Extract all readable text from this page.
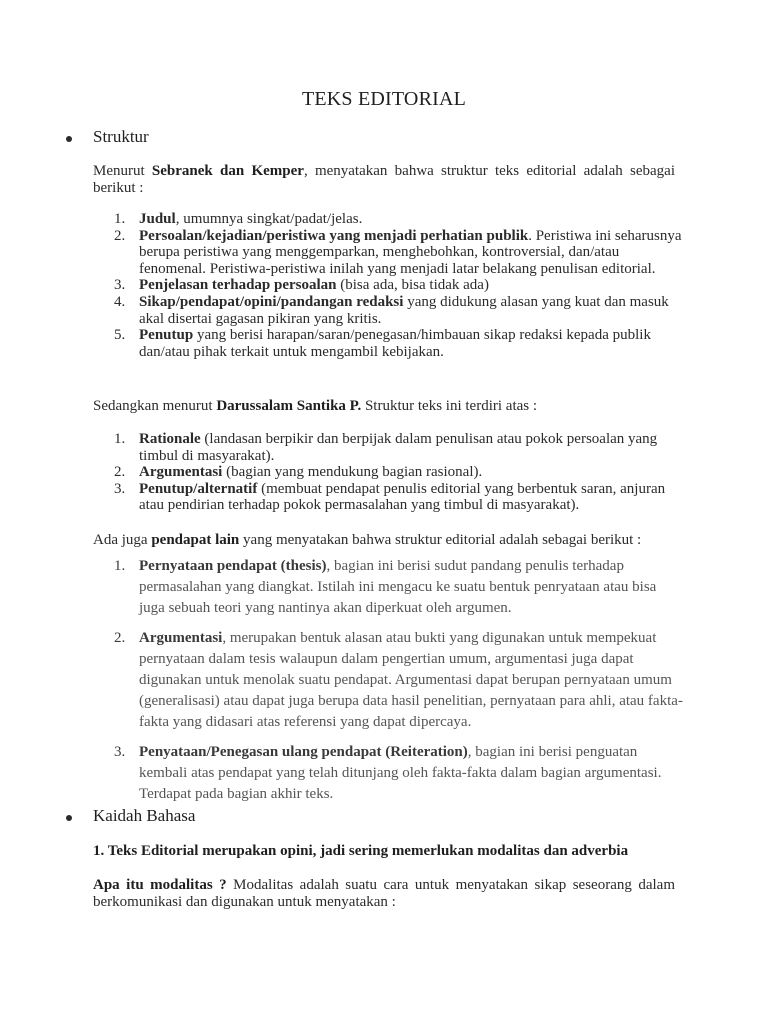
TEKS EDITORIAL
Struktur
Menurut Sebranek dan Kemper, menyatakan bahwa struktur teks editorial adalah sebagai berikut :
1. Judul, umumnya singkat/padat/jelas.
2. Persoalan/kejadian/peristiwa yang menjadi perhatian publik. Peristiwa ini seharusnya berupa peristiwa yang menggemparkan, menghebohkan, kontroversial, dan/atau fenomenal. Peristiwa-peristiwa inilah yang menjadi latar belakang penulisan editorial.
3. Penjelasan terhadap persoalan (bisa ada, bisa tidak ada)
4. Sikap/pendapat/opini/pandangan redaksi yang didukung alasan yang kuat dan masuk akal disertai gagasan pikiran yang kritis.
5. Penutup yang berisi harapan/saran/penegasan/himbauan sikap redaksi kepada publik dan/atau pihak terkait untuk mengambil kebijakan.
Sedangkan menurut Darussalam Santika P. Struktur teks ini terdiri atas :
1. Rationale (landasan berpikir dan berpijak dalam penulisan atau pokok persoalan yang timbul di masyarakat).
2. Argumentasi (bagian yang mendukung bagian rasional).
3. Penutup/alternatif (membuat pendapat penulis editorial yang berbentuk saran, anjuran atau pendirian terhadap pokok permasalahan yang timbul di masyarakat).
Ada juga pendapat lain yang menyatakan bahwa struktur editorial adalah sebagai berikut :
1. Pernyataan pendapat (thesis), bagian ini berisi sudut pandang penulis terhadap permasalahan yang diangkat. Istilah ini mengacu ke suatu bentuk penryataan atau bisa juga sebuah teori yang nantinya akan diperkuat oleh argumen.
2. Argumentasi, merupakan bentuk alasan atau bukti yang digunakan untuk mempekuat pernyataan dalam tesis walaupun dalam pengertian umum, argumentasi juga dapat digunakan untuk menolak suatu pendapat. Argumentasi dapat berupan pernyataan umum (generalisasi) atau dapat juga berupa data hasil penelitian, pernyataan para ahli, atau fakta-fakta yang didasari atas referensi yang dapat dipercaya.
3. Penyataan/Penegasan ulang pendapat (Reiteration), bagian ini berisi penguatan kembali atas pendapat yang telah ditunjang oleh fakta-fakta dalam bagian argumentasi. Terdapat pada bagian akhir teks.
Kaidah Bahasa
1. Teks Editorial merupakan opini, jadi sering memerlukan modalitas dan adverbia
Apa itu modalitas ? Modalitas adalah suatu cara untuk menyatakan sikap seseorang dalam berkomunikasi dan digunakan untuk menyatakan :
